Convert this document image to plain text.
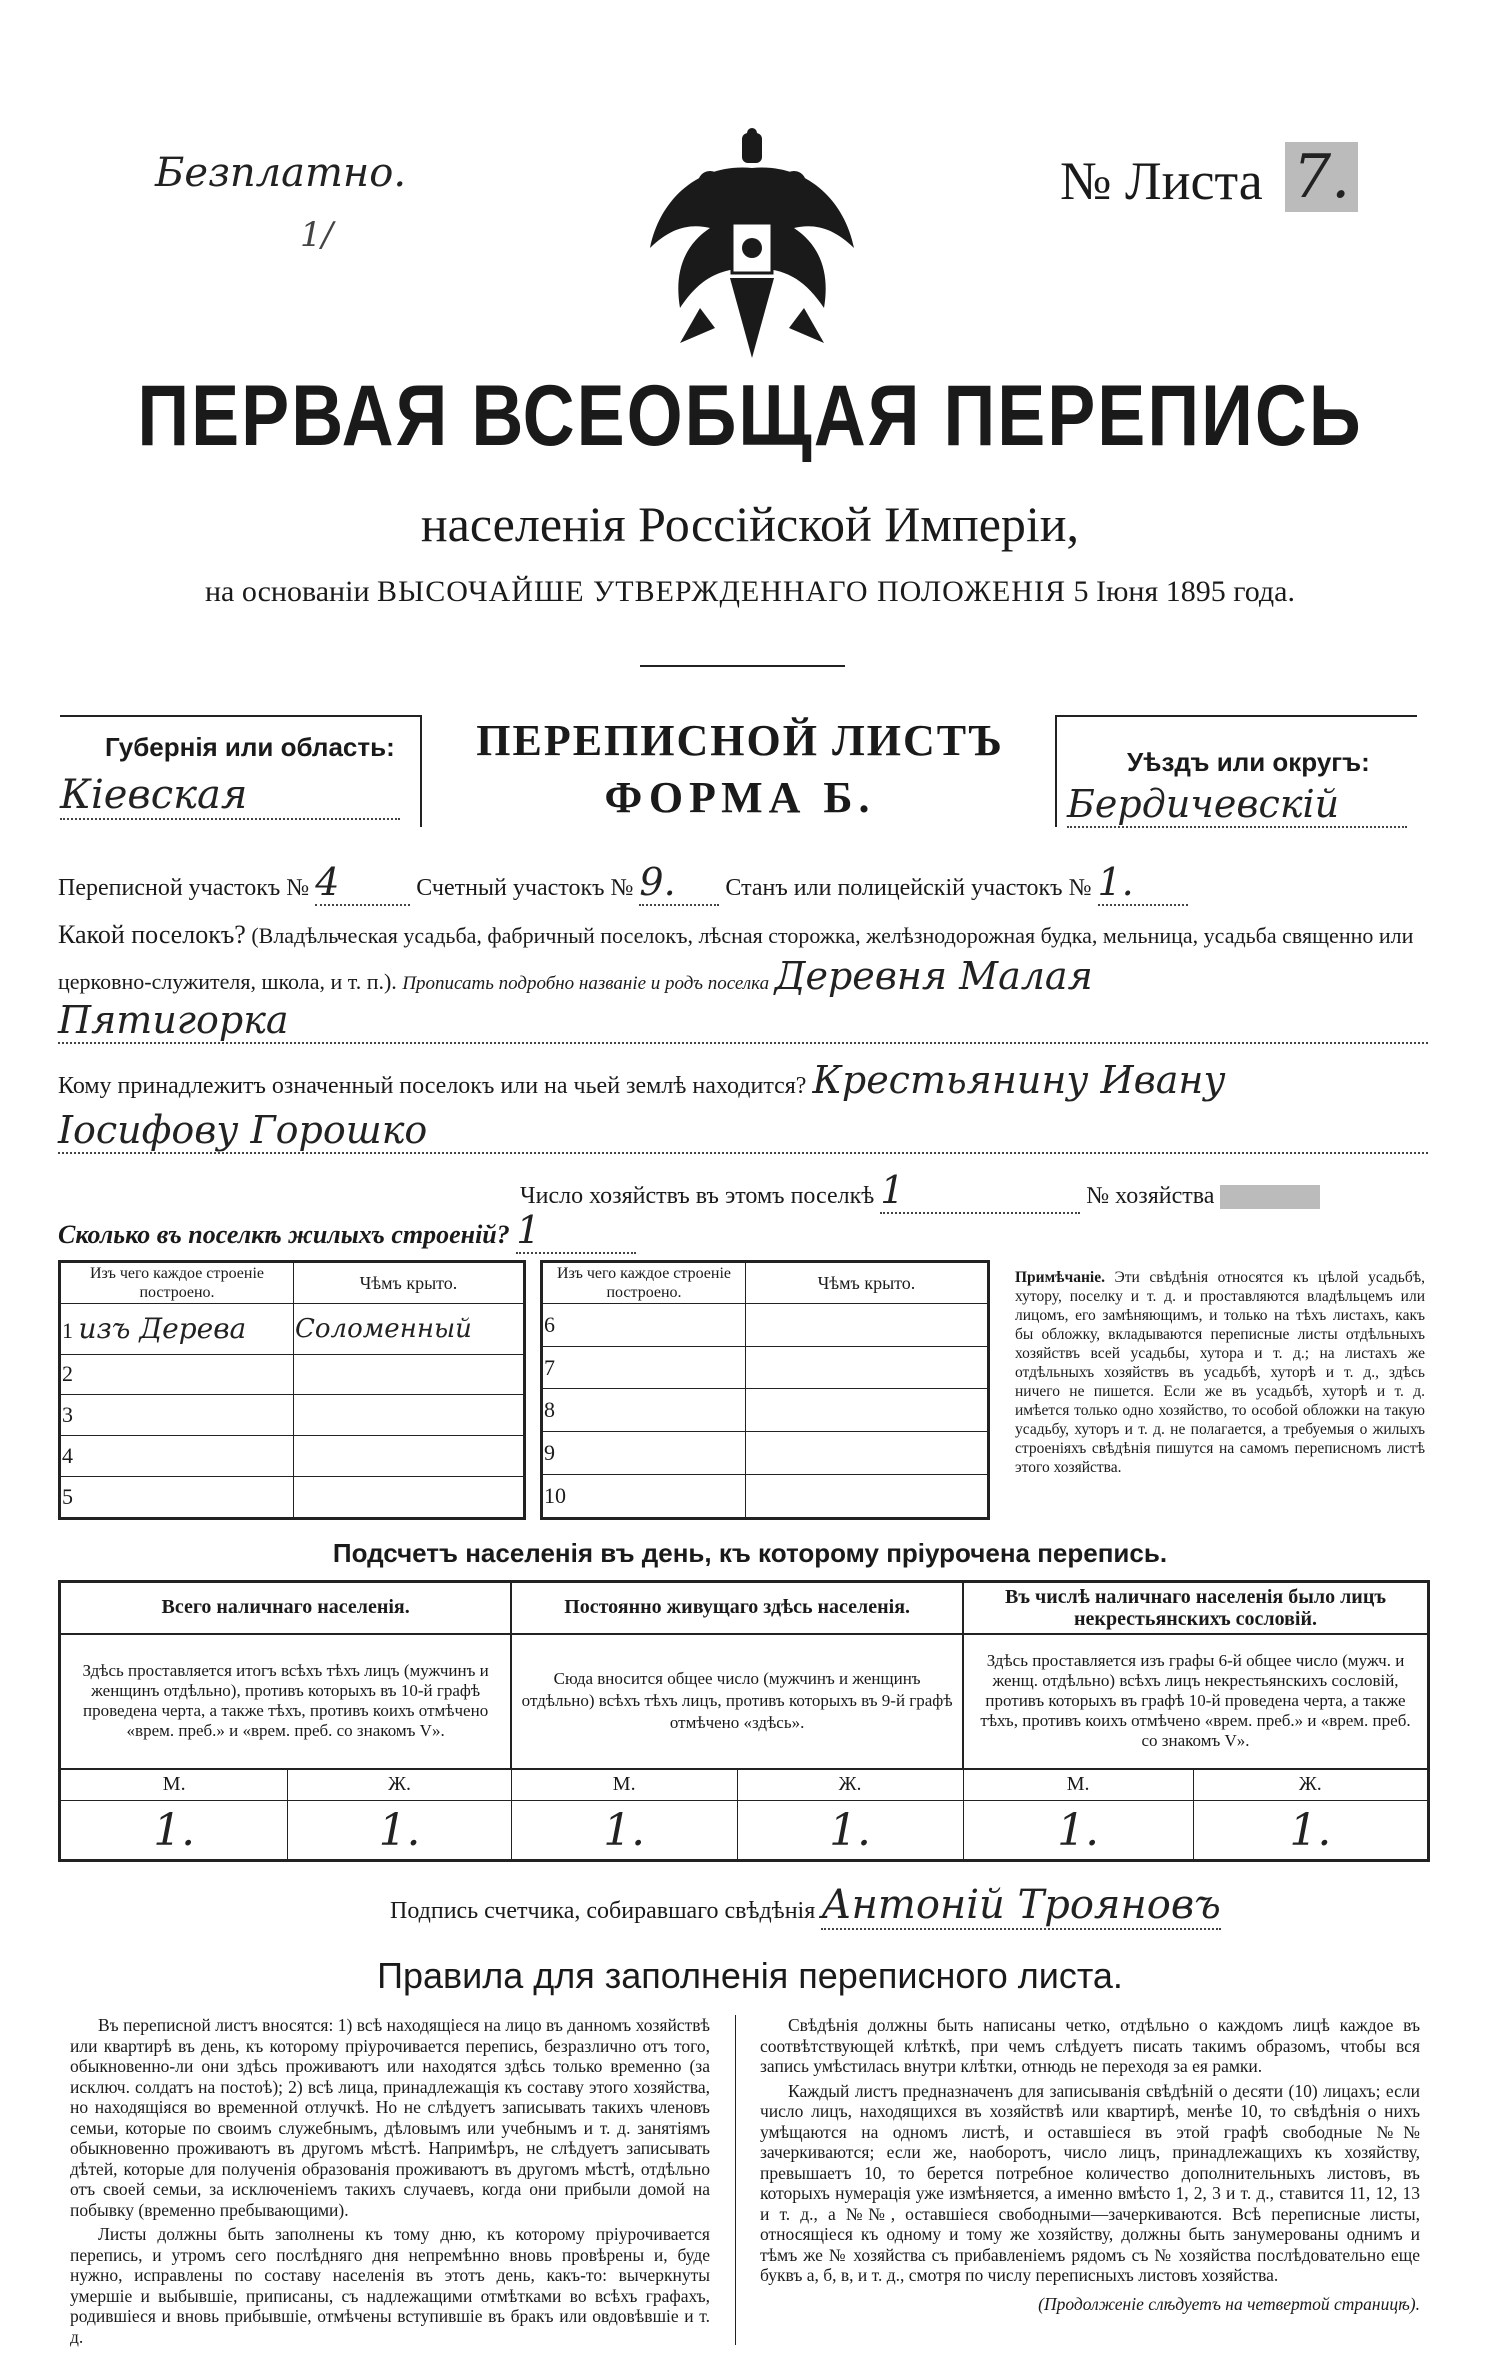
Безплатно.
1/
№ Листа 7.
ПЕРВАЯ ВСЕОБЩАЯ ПЕРЕПИСЬ
населенія Россійской Имперіи,
на основаніи ВЫСОЧАЙШЕ УТВЕРЖДЕННАГО ПОЛОЖЕНІЯ 5 Іюня 1895 года.
Губернія или область:
Кіевская
ПЕРЕПИСНОЙ ЛИСТЪ
ФОРМА Б.
Уѣздъ или округъ:
Бердичевскій
Переписной участокъ № 4	Счетный участокъ № 9. Станъ или полицейскій участокъ № 1.
Какой поселокъ? (Владѣльческая усадьба, фабричный поселокъ, лѣсная сторожка, желѣзнодорожная будка, мельница, усадьба священно или церковно-служителя, школа, и т. п.). Прописать подробно названіе и родъ поселка Деревня Малая
Пятигорка
Кому принадлежитъ означенный поселокъ или на чьей землѣ находится? Крестьянину Ивану
Іосифову Горошко
Число хозяйствъ въ этомъ поселкѣ 1	№ хозяйства
Сколько въ поселкѣ жилыхъ строеній? 1
Изъ чего каждое строеніе построено.	Чѣмъ крыто.
1 изъ Дерева	Соломенный
2	
3	
4	
5	
Изъ чего каждое строеніе построено.	Чѣмъ крыто.
6	
7	
8	
9	
10	
Примѣчаніе. Эти свѣдѣнія относятся къ цѣлой усадьбѣ, хутору, поселку и т. д. и проставляются владѣльцемъ или лицомъ, его замѣняющимъ, и только на тѣхъ листахъ, какъ бы обложку, вкладываются переписные листы отдѣльныхъ хозяйствъ всей усадьбы, хутора и т. д.; на листахъ же отдѣльныхъ хозяйствъ въ усадьбѣ, хуторѣ и т. д., здѣсь ничего не пишется. Если же въ усадьбѣ, хуторѣ и т. д. имѣется только одно хозяйство, то особой обложки на такую усадьбу, хуторъ и т. д. не полагается, а требуемыя о жилыхъ строеніяхъ свѣдѣнія пишутся на самомъ переписномъ листѣ этого хозяйства.
Подсчетъ населенія въ день, къ которому пріурочена перепись.
Всего наличнаго населенія.		Постоянно живущаго здѣсь населенія.		Въ числѣ наличнаго населенія было лицъ некрестьянскихъ сословій.	
Здѣсь проставляется итогъ всѣхъ тѣхъ лицъ (мужчинъ и женщинъ отдѣльно), противъ которыхъ въ 10-й графѣ проведена черта, а также тѣхъ, противъ коихъ отмѣчено «врем. преб.» и «врем. преб. со знакомъ V».		Сюда вносится общее число (мужчинъ и женщинъ отдѣльно) всѣхъ тѣхъ лицъ, противъ которыхъ въ 9-й графѣ отмѣчено «здѣсь».		Здѣсь проставляется изъ графы 6-й общее число (мужч. и женщ. отдѣльно) всѣхъ лицъ некрестьянскихъ сословій, противъ которыхъ въ графѣ 10-й проведена черта, а также тѣхъ, противъ коихъ отмѣчено «врем. преб.» и «врем. преб. со знакомъ V».	
М.	Ж.	М.	Ж.	М.	Ж.
1.	1.	1.	1.	1.	1.
Подпись счетчика, собиравшаго свѣдѣнія Антоній Трояновъ
Правила для заполненія переписного листа.

Въ переписной листъ вносятся: 1) всѣ находящіеся на лицо въ данномъ хозяйствѣ или квартирѣ въ день, къ которому пріурочивается перепись, безразлично отъ того, обыкновенно-ли они здѣсь проживаютъ или находятся здѣсь только временно (за исключ. солдатъ на постоѣ); 2) всѣ лица, принадлежащія къ составу этого хозяйства, но находящіяся во временной отлучкѣ. Но не слѣдуетъ записывать такихъ членовъ семьи, которые по своимъ служебнымъ, дѣловымъ или учебнымъ и т. д. занятіямъ обыкновенно проживаютъ въ другомъ мѣстѣ. Напримѣръ, не слѣдуетъ записывать дѣтей, которые для полученія образованія проживаютъ въ другомъ мѣстѣ, отдѣльно отъ своей семьи, за исключеніемъ такихъ случаевъ, когда они прибыли домой на побывку (временно пребывающими).

Листы должны быть заполнены къ тому дню, къ которому пріурочивается перепись, и утромъ сего послѣдняго дня непремѣнно вновь провѣрены и, буде нужно, исправлены по составу населенія въ этотъ день, какъ-то: вычеркнуты умершіе и выбывшіе, приписаны, съ надлежащими отмѣтками во всѣхъ графахъ, родившіеся и вновь прибывшіе, отмѣчены вступившіе въ бракъ или овдовѣвшіе и т. д.

Свѣдѣнія должны быть написаны четко, отдѣльно о каждомъ лицѣ каждое въ соотвѣтствующей клѣткѣ, при чемъ слѣдуетъ писать такимъ образомъ, чтобы вся запись умѣстилась внутри клѣтки, отнюдь не переходя за ея рамки.

Каждый листъ предназначенъ для записыванія свѣдѣній о десяти (10) лицахъ; если число лицъ, находящихся въ хозяйствѣ или квартирѣ, менѣе 10, то свѣдѣнія о нихъ умѣщаются на одномъ листѣ, и оставшіеся въ этой графѣ свободные №№ зачеркиваются; если же, наоборотъ, число лицъ, принадлежащихъ къ хозяйству, превышаетъ 10, то берется потребное количество дополнительныхъ листовъ, въ которыхъ нумерація уже измѣняется, а именно вмѣсто 1, 2, 3 и т. д., ставится 11, 12, 13 и т. д., а №№, оставшіеся свободными—зачеркиваются. Всѣ переписные листы, относящіеся къ одному и тому же хозяйству, должны быть занумерованы однимъ и тѣмъ же № хозяйства съ прибавленіемъ рядомъ съ № хозяйства послѣдовательно еще буквъ а, б, в, и т. д., смотря по числу переписныхъ листовъ хозяйства.

(Продолженіе слѣдуетъ на четвертой страницѣ).
